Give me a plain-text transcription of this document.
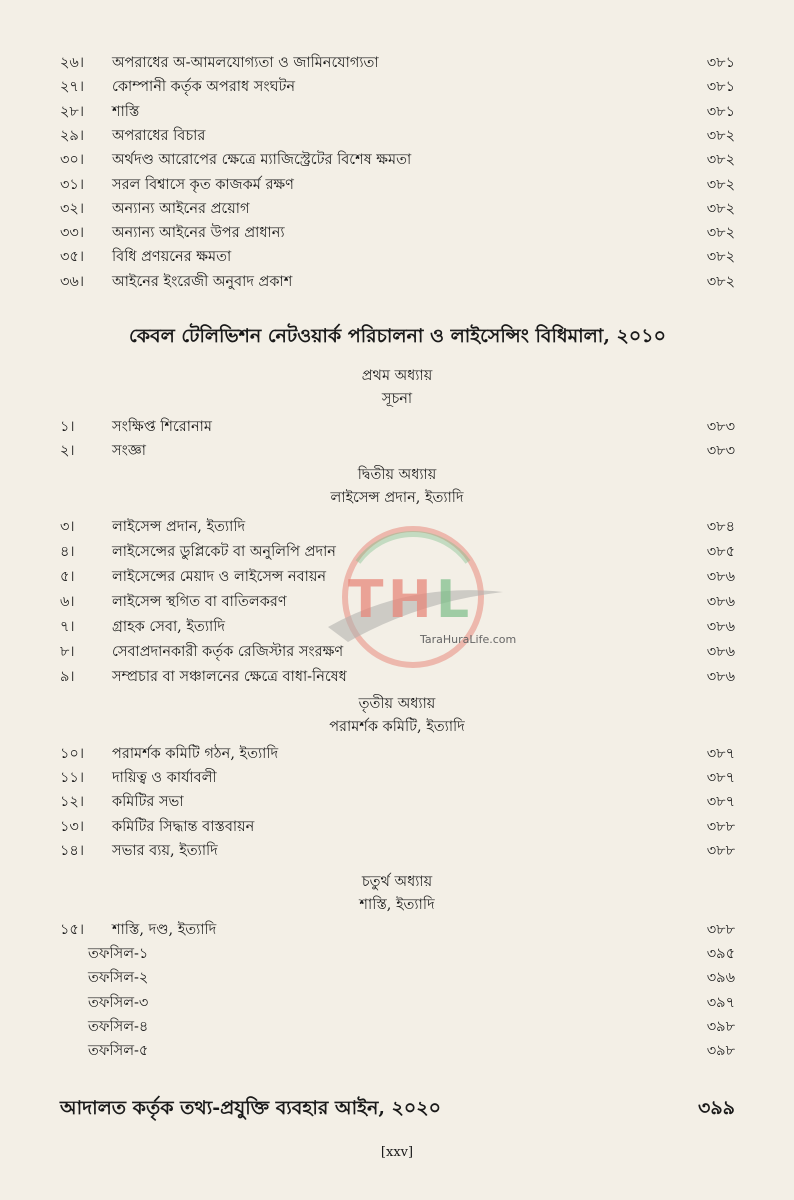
২৬।	অপরাধের অ-আমলযোগ্যতা ও জামিনযোগ্যতা	৩৮১
২৭।	কোম্পানী কর্তৃক অপরাধ সংঘটন	৩৮১
২৮।	শাস্তি	৩৮১
২৯।	অপরাধের বিচার	৩৮২
৩০।	অর্থদণ্ড আরোপের ক্ষেত্রে ম্যাজিস্ট্রেটের বিশেষ ক্ষমতা	৩৮২
৩১।	সরল বিশ্বাসে কৃত কাজকর্ম রক্ষণ	৩৮২
৩২।	অন্যান্য আইনের প্রয়োগ	৩৮২
৩৩।	অন্যান্য আইনের উপর প্রাধান্য	৩৮২
৩৫।	বিধি প্রণয়নের ক্ষমতা	৩৮২
৩৬।	আইনের ইংরেজী অনুবাদ প্রকাশ	৩৮২
১।	সংক্ষিপ্ত শিরোনাম	৩৮৩
২।	সংজ্ঞা	৩৮৩
৩।	লাইসেন্স প্রদান, ইত্যাদি	৩৮৪
৪।	লাইসেন্সের ডুপ্লিকেট বা অনুলিপি প্রদান	৩৮৫
৫।	লাইসেন্সের মেয়াদ ও লাইসেন্স নবায়ন	৩৮৬
৬।	লাইসেন্স স্থগিত বা বাতিলকরণ	৩৮৬
৭।	গ্রাহক সেবা, ইত্যাদি	৩৮৬
৮।	সেবাপ্রদানকারী কর্তৃক রেজিস্টার সংরক্ষণ	৩৮৬
৯।	সম্প্রচার বা সঞ্চালনের ক্ষেত্রে বাধা-নিষেধ	৩৮৬
১০।	পরামর্শক কমিটি গঠন, ইত্যাদি	৩৮৭
১১।	দায়িত্ব ও কার্যাবলী	৩৮৭
১২।	কমিটির সভা	৩৮৭
১৩।	কমিটির সিদ্ধান্ত বাস্তবায়ন	৩৮৮
১৪।	সভার ব্যয়, ইত্যাদি	৩৮৮
১৫।	শাস্তি, দণ্ড, ইত্যাদি	৩৮৮
তফসিল-১	৩৯৫
তফসিল-২	৩৯৬
তফসিল-৩	৩৯৭
তফসিল-৪	৩৯৮
তফসিল-৫	৩৯৮
কেবল টেলিভিশন নেটওয়ার্ক পরিচালনা ও লাইসেন্সিং বিধিমালা, ২০১০
প্রথম অধ্যায়
সূচনা
দ্বিতীয় অধ্যায়
লাইসেন্স প্রদান, ইত্যাদি
তৃতীয় অধ্যায়
পরামর্শক কমিটি, ইত্যাদি
চতুর্থ অধ্যায়
শাস্তি, ইত্যাদি
আদালত কর্তৃক তথ্য-প্রযুক্তি ব্যবহার আইন, ২০২০	৩৯৯
[xxv]
T H L
TaraHuraLife.com
